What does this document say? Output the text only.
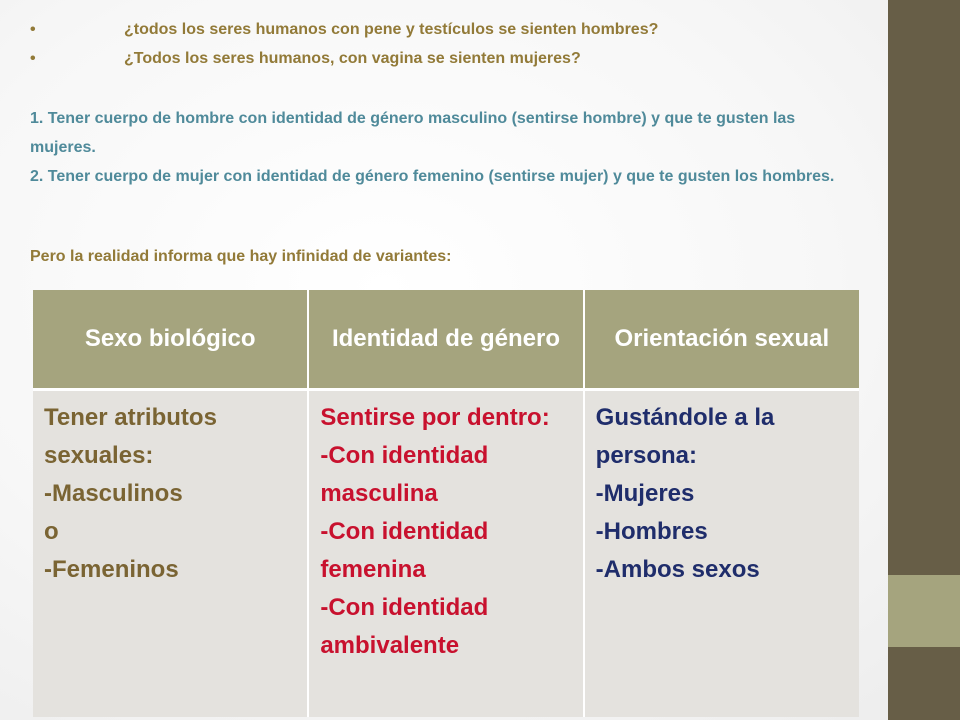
•	¿todos los seres humanos con pene y testículos se sienten hombres?
•	¿Todos los seres humanos, con vagina se sienten mujeres?
1. Tener cuerpo de hombre con identidad de género masculino (sentirse hombre) y que te gusten las mujeres.
2. Tener cuerpo de mujer con identidad de género femenino (sentirse mujer) y que te gusten los hombres.
Pero la realidad informa que hay infinidad de variantes:
Sexo biológico	Identidad de género	Orientación sexual

Tener atributos sexuales:
-Masculinos
o
-Femeninos	Sentirse por dentro:
-Con identidad masculina
-Con identidad femenina
-Con identidad ambivalente	Gustándole a la persona:
-Mujeres
-Hombres
-Ambos sexos
